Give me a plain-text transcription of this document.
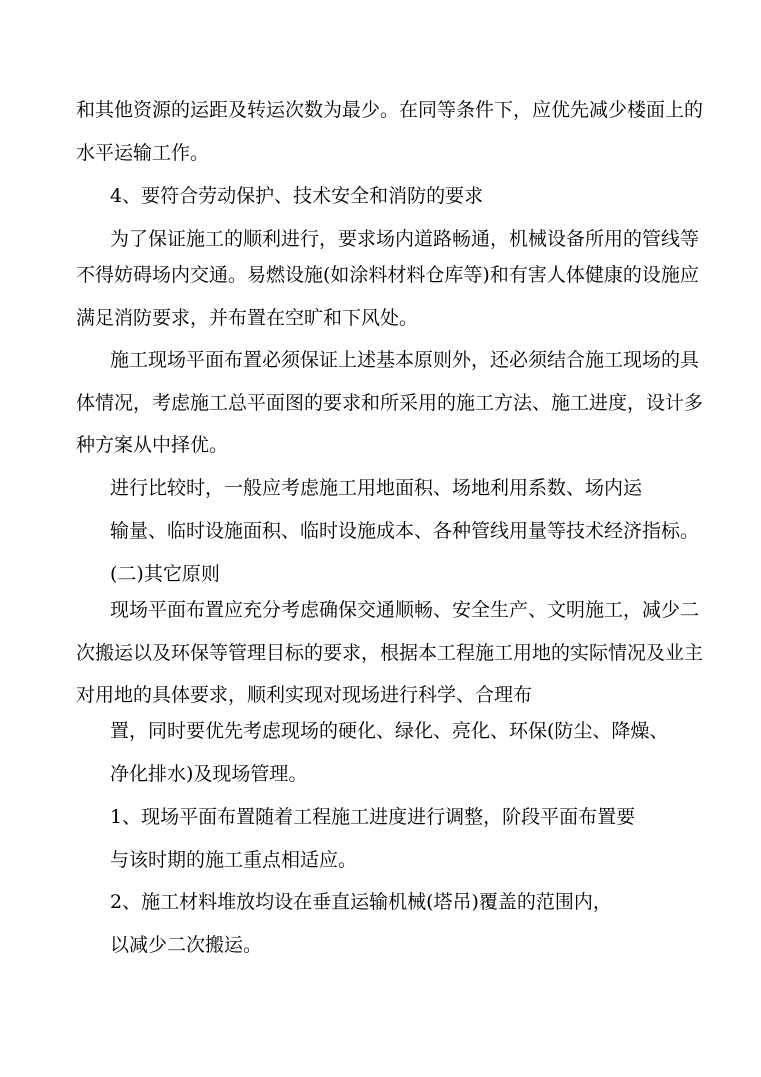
和其他资源的运距及转运次数为最少。在同等条件下，应优先减少楼面上的

水平运输工作。

4、要符合劳动保护、技术安全和消防的要求

为了保证施工的顺利进行，要求场内道路畅通，机械设备所用的管线等

不得妨碍场内交通。易燃设施(如涂料材料仓库等)和有害人体健康的设施应

满足消防要求，并布置在空旷和下风处。

施工现场平面布置必须保证上述基本原则外，还必须结合施工现场的具

体情况，考虑施工总平面图的要求和所采用的施工方法、施工进度，设计多

种方案从中择优。

进行比较时，一般应考虑施工用地面积、场地利用系数、场内运

输量、临时设施面积、临时设施成本、各种管线用量等技术经济指标。

(二)其它原则

现场平面布置应充分考虑确保交通顺畅、安全生产、文明施工，减少二

次搬运以及环保等管理目标的要求，根据本工程施工用地的实际情况及业主

对用地的具体要求，顺利实现对现场进行科学、合理布

置，同时要优先考虑现场的硬化、绿化、亮化、环保(防尘、降燥、

净化排水)及现场管理。

1、现场平面布置随着工程施工进度进行调整，阶段平面布置要

与该时期的施工重点相适应。

2、施工材料堆放均设在垂直运输机械(塔吊)覆盖的范围内，

以减少二次搬运。
